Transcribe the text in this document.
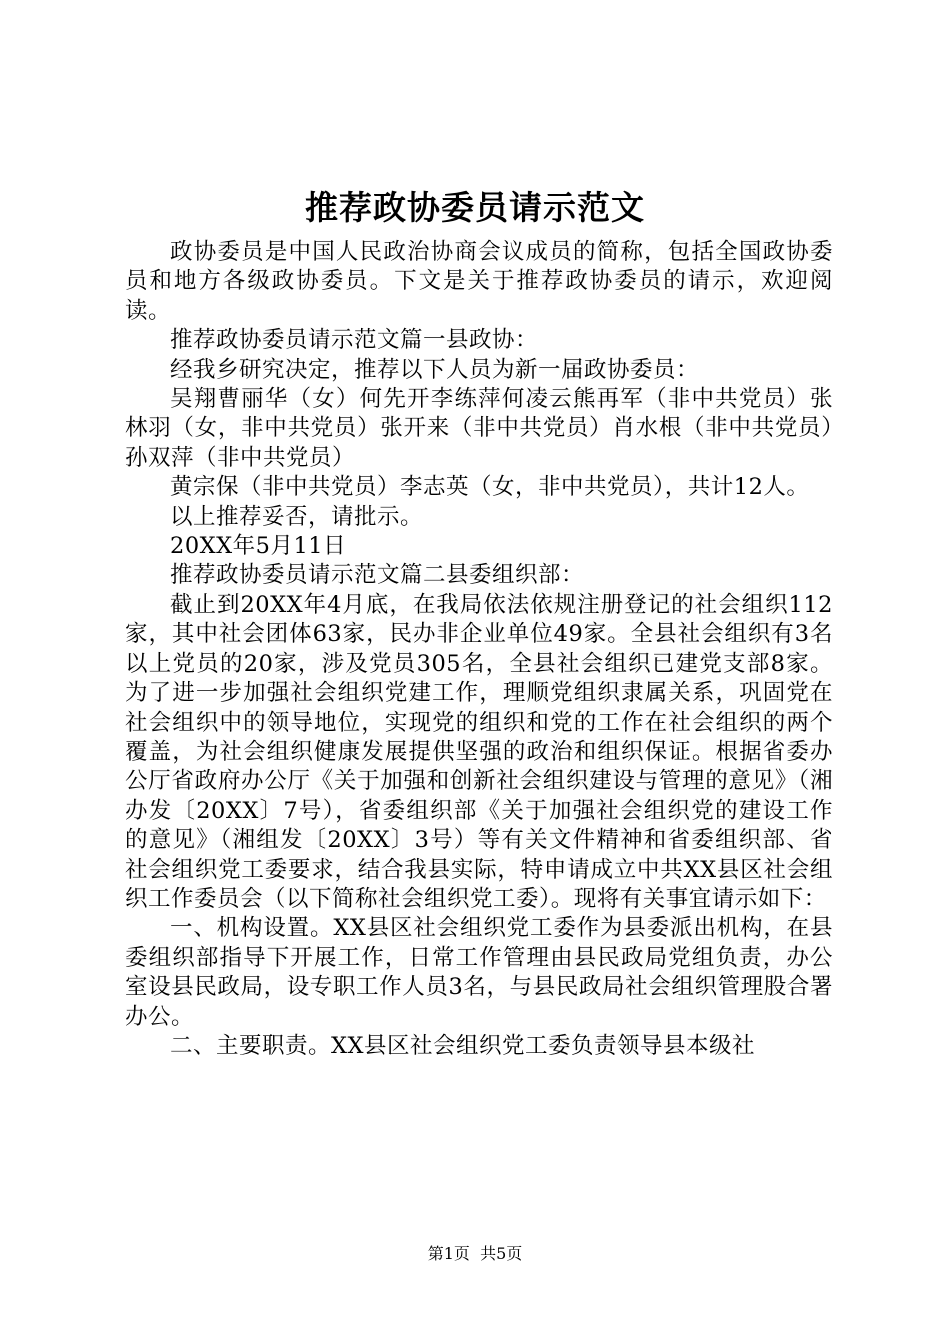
推荐政协委员请示范文

政协委员是中国人民政治协商会议成员的简称，包括全国政协委员和地方各级政协委员。下文是关于推荐政协委员的请示，欢迎阅读。

推荐政协委员请示范文篇一县政协：

经我乡研究决定，推荐以下人员为新一届政协委员：

吴翔曹丽华（女）何先开李练萍何凌云熊再军（非中共党员）张林羽（女，非中共党员）张开来（非中共党员）肖水根（非中共党员）孙双萍（非中共党员）

黄宗保（非中共党员）李志英（女，非中共党员），共计12人。

以上推荐妥否，请批示。

20XX年5月11日

推荐政协委员请示范文篇二县委组织部：

截止到20XX年4月底，在我局依法依规注册登记的社会组织112家，其中社会团体63家，民办非企业单位49家。全县社会组织有3名以上党员的20家，涉及党员305名，全县社会组织已建党支部8家。为了进一步加强社会组织党建工作，理顺党组织隶属关系，巩固党在社会组织中的领导地位，实现党的组织和党的工作在社会组织的两个覆盖，为社会组织健康发展提供坚强的政治和组织保证。根据省委办公厅省政府办公厅《关于加强和创新社会组织建设与管理的意见》（湘办发〔20XX〕7号），省委组织部《关于加强社会组织党的建设工作的意见》（湘组发〔20XX〕3号）等有关文件精神和省委组织部、省社会组织党工委要求，结合我县实际，特申请成立中共XX县区社会组织工作委员会（以下简称社会组织党工委）。现将有关事宜请示如下：

一、机构设置。XX县区社会组织党工委作为县委派出机构，在县委组织部指导下开展工作，日常工作管理由县民政局党组负责，办公室设县民政局，设专职工作人员3名，与县民政局社会组织管理股合署办公。

二、主要职责。XX县区社会组织党工委负责领导县本级社

第1页 共5页
